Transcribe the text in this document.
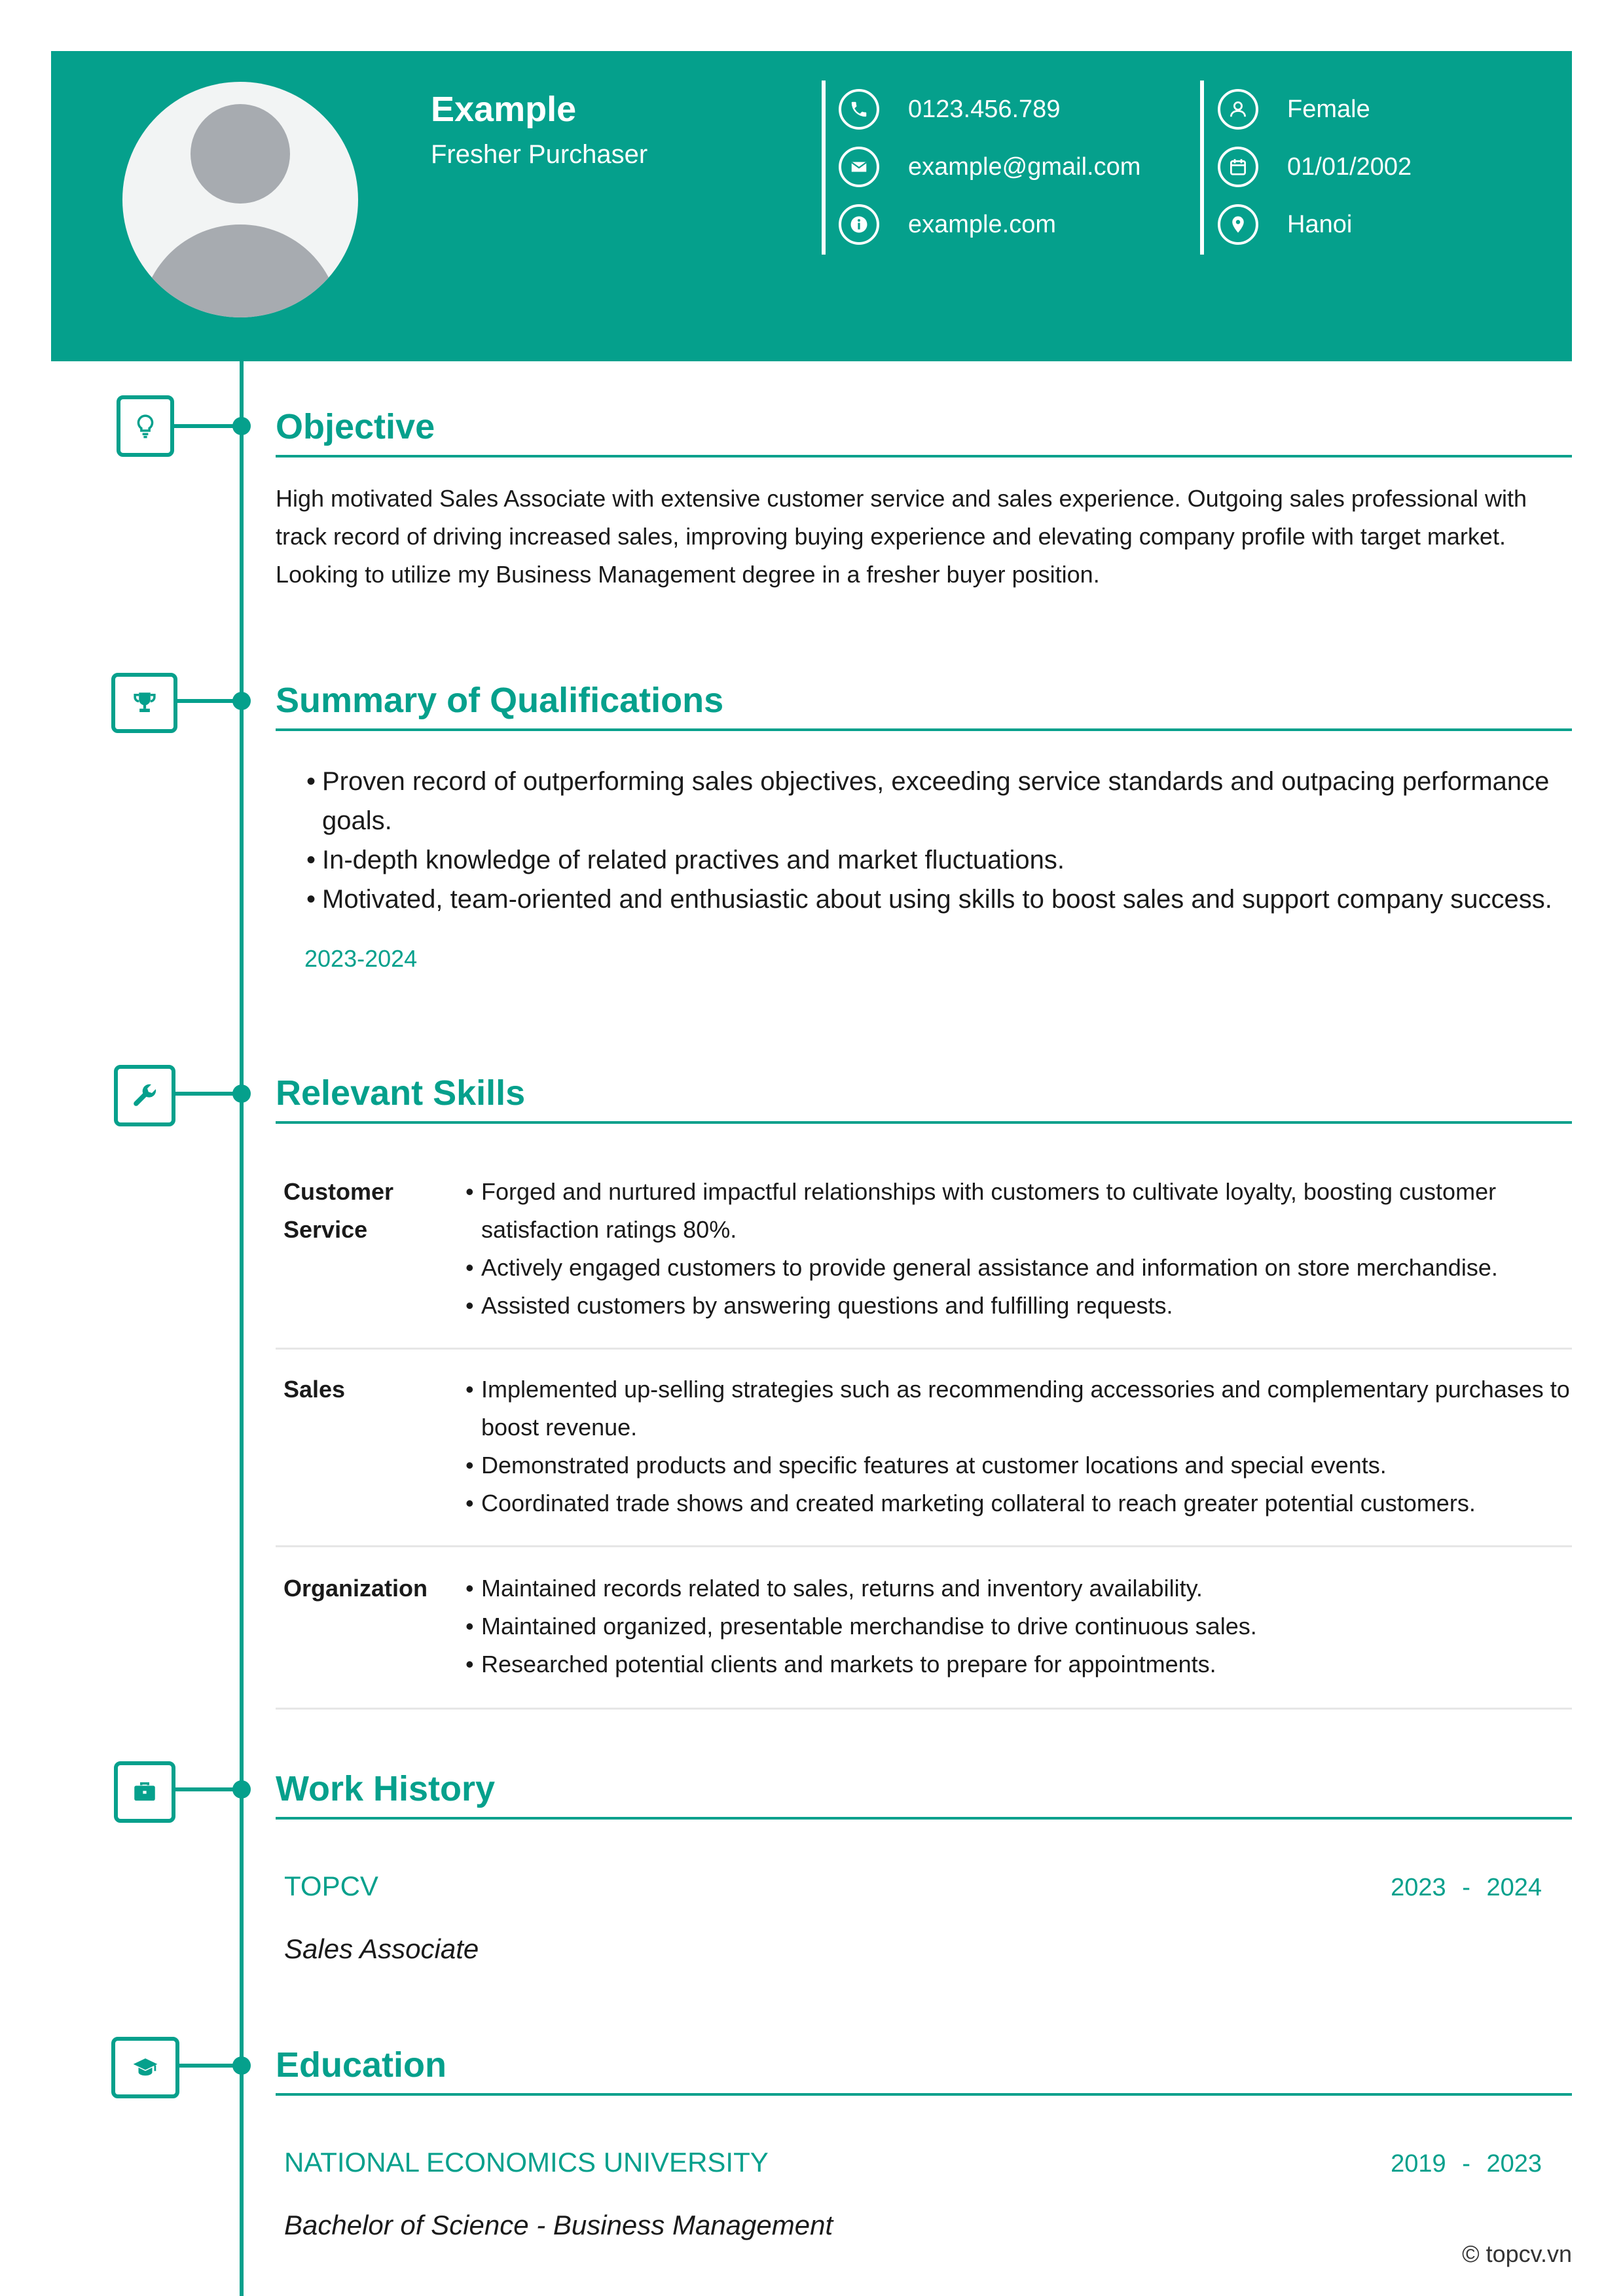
Example
Fresher Purchaser
0123.456.789
example@gmail.com
example.com
Female
01/01/2002
Hanoi
Objective

High motivated Sales Associate with extensive customer service and sales experience. Outgoing sales professional with track record of driving increased sales, improving buying experience and elevating company profile with target market. Looking to utilize my Business Management degree in a fresher buyer position.

Summary of Qualifications
• Proven record of outperforming sales objectives, exceeding service standards and outpacing performance goals.
• In-depth knowledge of related practives and market fluctuations.
• Motivated, team-oriented and enthusiastic about using skills to boost sales and support company success.
2023-2024
Relevant Skills
Customer Service
• Forged and nurtured impactful relationships with customers to cultivate loyalty, boosting customer satisfaction ratings 80%.
• Actively engaged customers to provide general assistance and information on store merchandise.
• Assisted customers by answering questions and fulfilling requests.
Sales	• Implemented up-selling strategies such as recommending accessories and complementary purchases to boost revenue.
• Demonstrated products and specific features at customer locations and special events.
• Coordinated trade shows and created marketing collateral to reach greater potential customers.
Organization	• Maintained records related to sales, returns and inventory availability.
• Maintained organized, presentable merchandise to drive continuous sales.
• Researched potential clients and markets to prepare for appointments.
Work History
TOPCV	2023 - 2024
Sales Associate
Education
NATIONAL ECONOMICS UNIVERSITY	2019 - 2023
Bachelor of Science - Business Management
© topcv.vn
